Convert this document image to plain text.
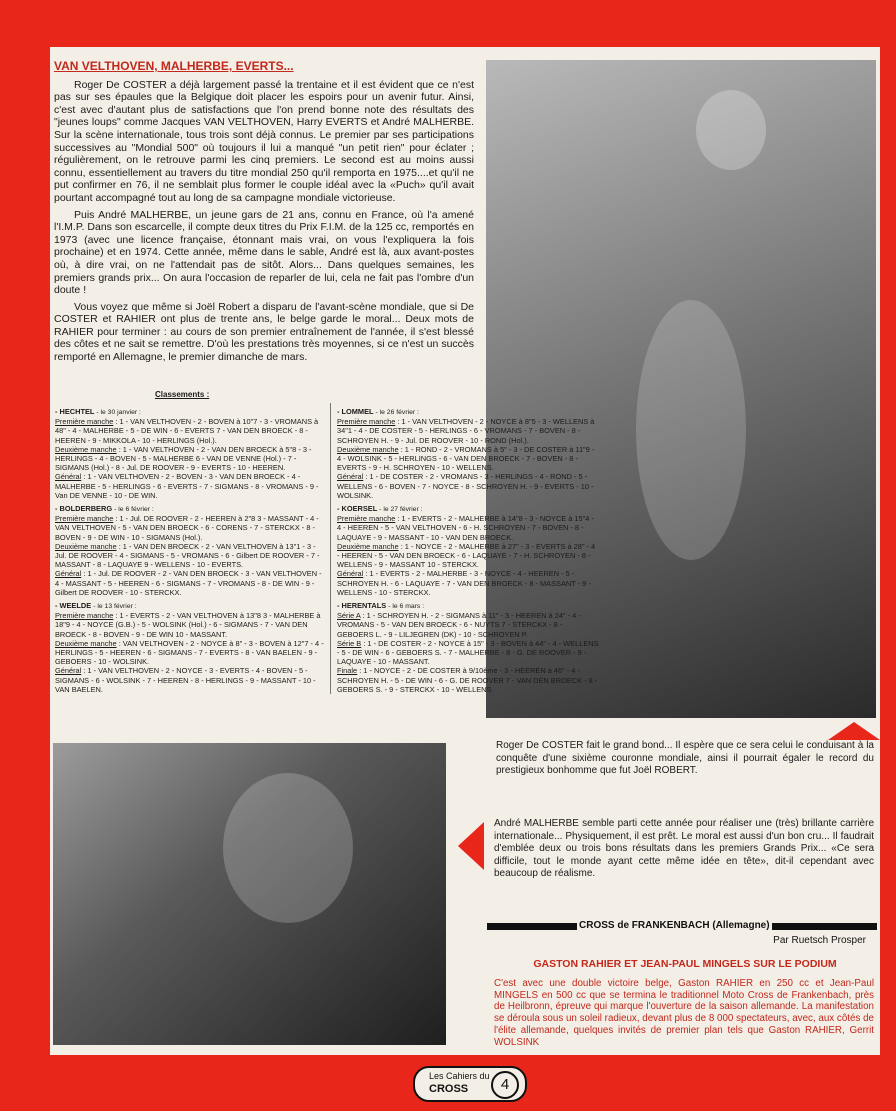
VAN VELTHOVEN, MALHERBE, EVERTS...

Roger De COSTER a déjà largement passé la trentaine et il est évident que ce n'est pas sur ses épaules que la Belgique doit placer les espoirs pour un avenir futur. Ainsi, c'est avec d'autant plus de satisfactions que l'on prend bonne note des résultats des "jeunes loups" comme Jacques VAN VELTHOVEN, Harry EVERTS et André MALHERBE. Sur la scène internationale, tous trois sont déjà connus. Le premier par ses participations successives au "Mondial 500" où toujours il lui a manqué "un petit rien" pour éclater ; régulièrement, on le retrouve parmi les cinq premiers. Le second est au moins aussi connu, essentiellement au travers du titre mondial 250 qu'il remporta en 1975....et qu'il ne put confirmer en 76, il ne semblait plus former le couple idéal avec la «Puch» qu'il avait pourtant accompagné tout au long de sa campagne mondiale victorieuse.

Puis André MALHERBE, un jeune gars de 21 ans, connu en France, où l'a amené l'I.M.P. Dans son escarcelle, il compte deux titres du Prix F.I.M. de la 125 cc, remportés en 1973 (avec une licence française, étonnant mais vrai, on vous l'expliquera la fois prochaine) et en 1974. Cette année, même dans le sable, André est là, aux avant-postes où, à dire vrai, on ne l'attendait pas de sitôt. Alors... Dans quelques semaines, les premiers grands prix... On aura l'occasion de reparler de lui, cela ne fait pas l'ombre d'un doute !

Vous voyez que même si Joël Robert a disparu de l'avant-scène mondiale, que si De COSTER et RAHIER ont plus de trente ans, le belge garde le moral... Deux mots de RAHIER pour terminer : au cours de son premier entraînement de l'année, il s'est blessé des côtes et ne sait se remettre. D'où les prestations très moyennes, si ce n'est un succès remporté en Allemagne, le premier dimanche de mars.

Classements :
- HECHTEL - le 30 janvier :

Première manche : 1 - VAN VELTHOVEN - 2 - BOVEN à 10"7 - 3 - VROMANS à 48" - 4 - MALHERBE - 5 - DE WIN - 6 - EVERTS 7 - VAN DEN BROECK - 8 - HEEREN - 9 - MIKKOLA - 10 - HERLINGS (Hol.).

Deuxième manche : 1 - VAN VELTHOVEN - 2 - VAN DEN BROECK à 5"8 - 3 - HERLINGS - 4 - BOVEN - 5 - MALHERBE 6 - VAN DE VENNE (Hol.) - 7 - SIGMANS (Hol.) - 8 - Jul. DE ROOVER - 9 - EVERTS - 10 - HEEREN.

Général : 1 - VAN VELTHOVEN - 2 - BOVEN - 3 - VAN DEN BROECK - 4 - MALHERBE - 5 - HERLINGS - 6 - EVERTS - 7 - SIGMANS - 8 - VROMANS - 9 - Van DE VENNE - 10 - DE WIN.

- BOLDERBERG - le 6 février :

Première manche : 1 - Jul. DE ROOVER - 2 - HEEREN à 2"8 3 - MASSANT - 4 - VAN VELTHOVEN - 5 - VAN DEN BROECK - 6 - CORENS - 7 - STERCKX - 8 - BOVEN - 9 - DE WIN - 10 - SIGMANS (Hol.).

Deuxième manche : 1 - VAN DEN BROECK - 2 - VAN VELTHOVEN à 13"1 - 3 - Jul. DE ROOVER - 4 - SIGMANS - 5 - VROMANS - 6 - Gilbert DE ROOVER - 7 - MASSANT - 8 - LAQUAYE 9 - WELLENS - 10 - EVERTS.

Général : 1 - Jul. DE ROOVER - 2 - VAN DEN BROECK - 3 - VAN VELTHOVEN - 4 - MASSANT - 5 - HEEREN - 6 - SIGMANS - 7 - VROMANS - 8 - DE WIN - 9 - Gilbert DE ROOVER - 10 - STERCKX.

- WEELDE - le 13 février :

Première manche : 1 - EVERTS - 2 - VAN VELTHOVEN à 13"8 3 - MALHERBE à 18"9 - 4 - NOYCE (G.B.) - 5 - WOLSINK (Hol.) - 6 - SIGMANS - 7 - VAN DEN BROECK - 8 - BOVEN - 9 - DE WIN 10 - MASSANT.

Deuxième manche : VAN VELTHOVEN - 2 - NOYCE à 8" - 3 - BOVEN à 12"7 - 4 - HERLINGS - 5 - HEEREN - 6 - SIGMANS - 7 - EVERTS - 8 - VAN BAELEN - 9 - GEBOERS - 10 - WOLSINK.

Général : 1 - VAN VELTHOVEN - 2 - NOYCE - 3 - EVERTS - 4 - BOVEN - 5 - SIGMANS - 6 - WOLSINK - 7 - HEEREN - 8 - HERLINGS - 9 - MASSANT - 10 - VAN BAELEN.

- LOMMEL - le 26 février :

Première manche : 1 - VAN VELTHOVEN - 2 - NOYCE à 8"5 - 3 - WELLENS à 34"1 - 4 - DE COSTER - 5 - HERLINGS - 6 - VROMANS - 7 - BOVEN - 8 - SCHROYEN H. - 9 - Jul. DE ROOVER - 10 - ROND (Hol.).

Deuxième manche : 1 - ROND - 2 - VROMANS à 5" - 3 - DE COSTER à 11"9 - 4 - WOLSINK - 5 - HERLINGS - 6 - VAN DEN BROECK - 7 - BOVEN - 8 - EVERTS - 9 - H. SCHROYEN - 10 - WELLENS.

Général : 1 - DE COSTER - 2 - VROMANS - 3 - HERLINGS - 4 - ROND - 5 - WELLENS - 6 - BOVEN - 7 - NOYCE - 8 - SCHROYEN H. - 9 - EVERTS - 10 - WOLSINK.

- KOERSEL - le 27 février :

Première manche : 1 - EVERTS - 2 - MALHERBE à 14"8 - 3 - NOYCE à 15"4 - 4 - HEEREN - 5 - VAN VELTHOVEN - 6 - H. SCHROYEN - 7 - BOVEN - 8 - LAQUAYE - 9 - MASSANT - 10 - VAN DEN BROECK.

Deuxième manche : 1 - NOYCE - 2 - MALHERBE à 27" - 3 - EVERTS à 28" - 4 - HEEREN - 5 - VAN DEN BROECK - 6 - LAQUAYE - 7 - H. SCHROYEN - 8 - WELLENS - 9 - MASSANT 10 - STERCKX.

Général : 1 - EVERTS - 2 - MALHERBE - 3 - NOYCE - 4 - HEEREN - 5 - SCHROYEN H. - 6 - LAQUAYE - 7 - VAN DEN BROECK - 8 - MASSANT - 9 - WELLENS - 10 - STERCKX.

- HERENTALS - le 6 mars :

Série A : 1 - SCHROYEN H. - 2 - SIGMANS à 11" - 3 - HEEREN à 24" - 4 - VROMANS - 5 - VAN DEN BROECK - 6 - NUYTS 7 - STERCKX - 8 - GEBOERS L. - 9 - LILJEGREN (DK) - 10 - SCHROYEN P.

Série B : 1 - DE COSTER - 2 - NOYCE à 15" - 3 - BOVEN à 44" - 4 - WELLENS - 5 - DE WIN - 6 - GEBOERS S. - 7 - MALHERBE - 8 - G. DE ROOVER - 9 - LAQUAYE - 10 - MASSANT.

Finale : 1 - NOYCE - 2 - DE COSTER à 9/10ème - 3 - HEEREN à 46" - 4 - SCHROYEN H. - 5 - DE WIN - 6 - G. DE ROOVER 7 - VAN DEN BROECK - 8 - GEBOERS S. - 9 - STERCKX - 10 - WELLENS.

Roger De COSTER fait le grand bond... Il espère que ce sera celui le conduisant à la conquête d'une sixième couronne mondiale, ainsi il pourrait égaler le record du prestigieux bonhomme que fut Joël ROBERT.
André MALHERBE semble parti cette année pour réaliser une (très) brillante carrière internationale... Physiquement, il est prêt. Le moral est aussi d'un bon cru... Il faudrait d'emblée deux ou trois bons résultats dans les premiers Grands Prix... «Ce sera difficile, tout le monde ayant cette même idée en tête», dit-il cependant avec beaucoup de réalisme.
CROSS de FRANKENBACH (Allemagne)
Par Ruetsch Prosper
GASTON RAHIER ET JEAN-PAUL MINGELS SUR LE PODIUM
C'est avec une double victoire belge, Gaston RAHIER en 250 cc et Jean-Paul MINGELS en 500 cc que se termina le traditionnel Moto Cross de Frankenbach, près de Heilbronn, épreuve qui marque l'ouverture de la saison allemande. La manifestation se déroula sous un soleil radieux, devant plus de 8 000 spectateurs, avec, aux côtés de l'élite allemande, quelques invités de premier plan tels que Gaston RAHIER, Gerrit WOLSINK
Les Cahiers du
CROSS	4
